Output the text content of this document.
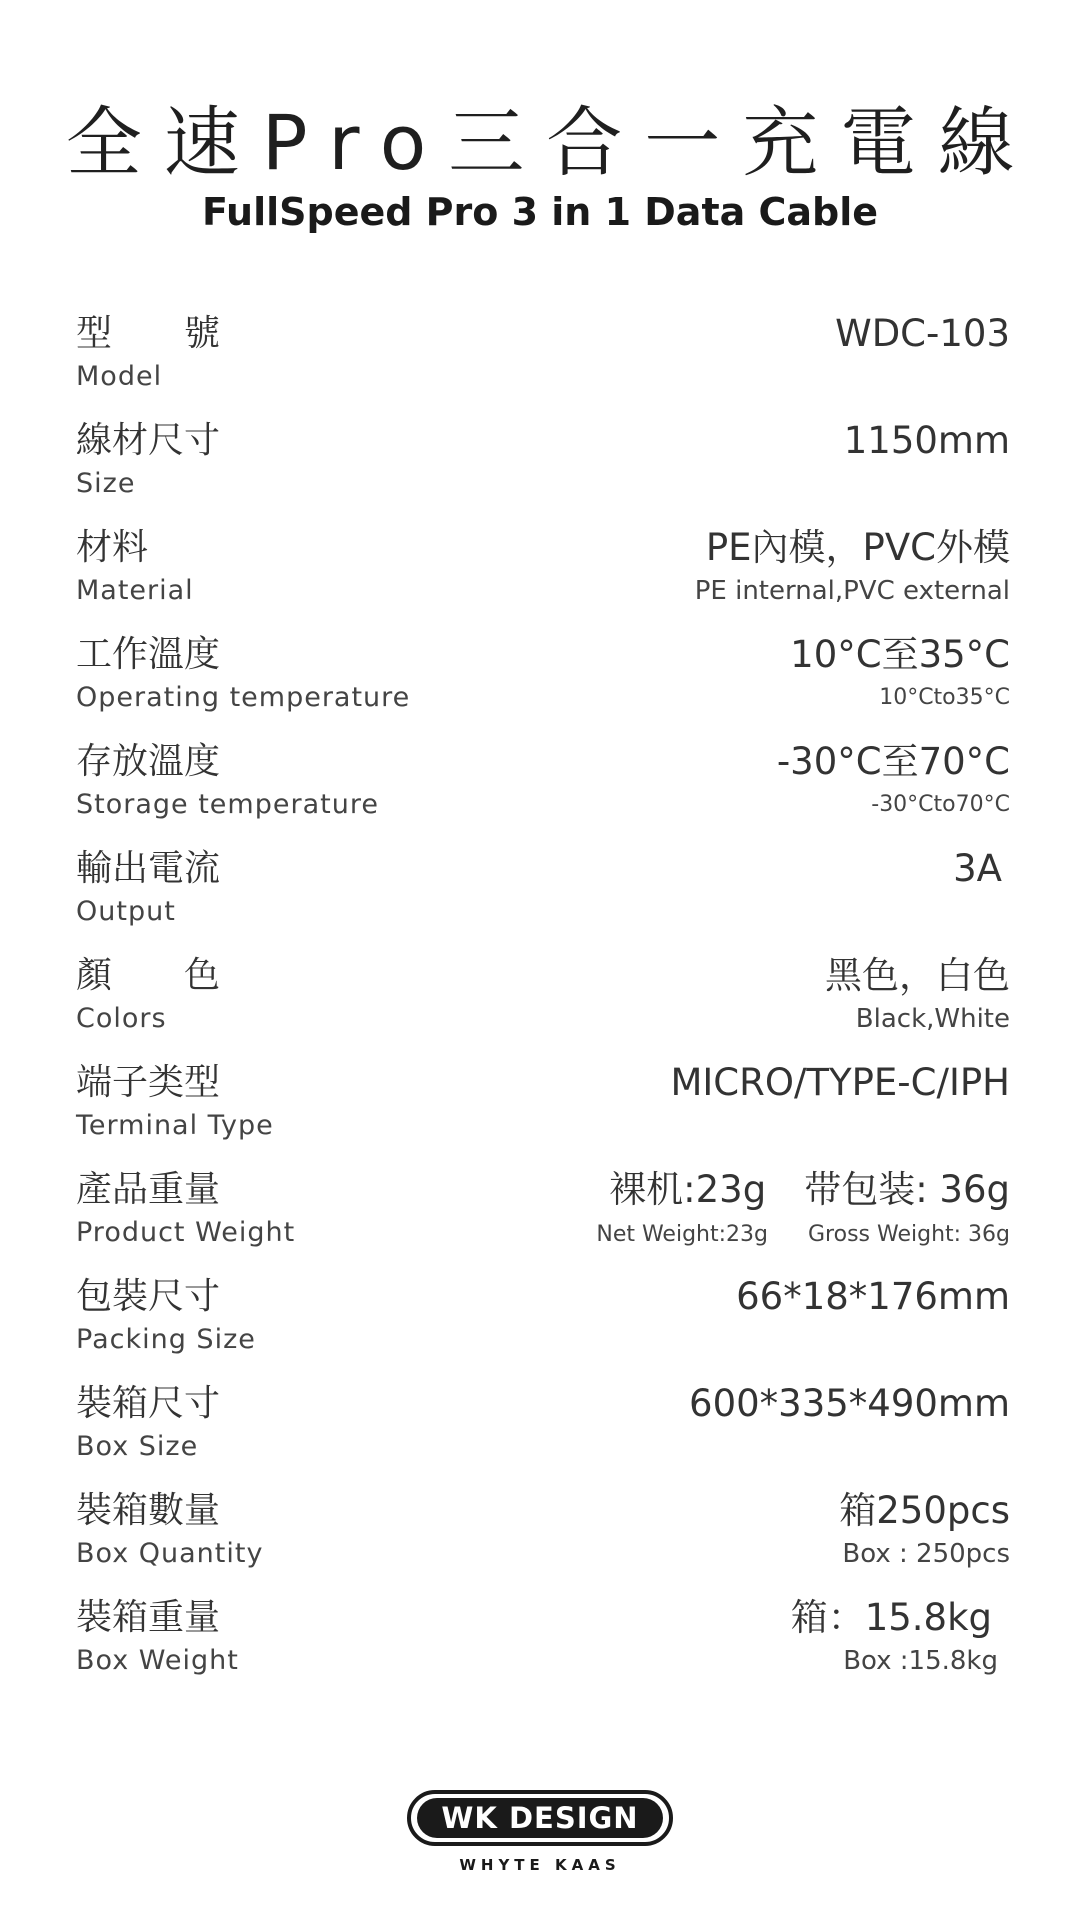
全速Pro三合一充電線
FullSpeed Pro 3 in 1 Data Cable
型　　號
Model
WDC-103
線材尺寸
Size
1150mm
材料
Material
PE內模，PVC外模
PE internal,PVC external
工作溫度
Operating temperature
10°C至35°C
10°Cto35°C
存放溫度
Storage temperature
-30°C至70°C
-30°Cto70°C
輸出電流
Output
3A
顏　　色
Colors
黑色，白色
Black,White
端子类型
Terminal Type
MICRO/TYPE-C/IPH
產品重量
Product Weight
裸机:23g 带包装: 36g
Net Weight:23g Gross Weight: 36g
包裝尺寸
Packing Size
66*18*176mm
裝箱尺寸
Box Size
600*335*490mm
裝箱數量
Box Quantity
箱250pcs
Box : 250pcs
裝箱重量
Box Weight
箱：15.8kg
Box :15.8kg
WK DESIGN
WHYTE KAAS
